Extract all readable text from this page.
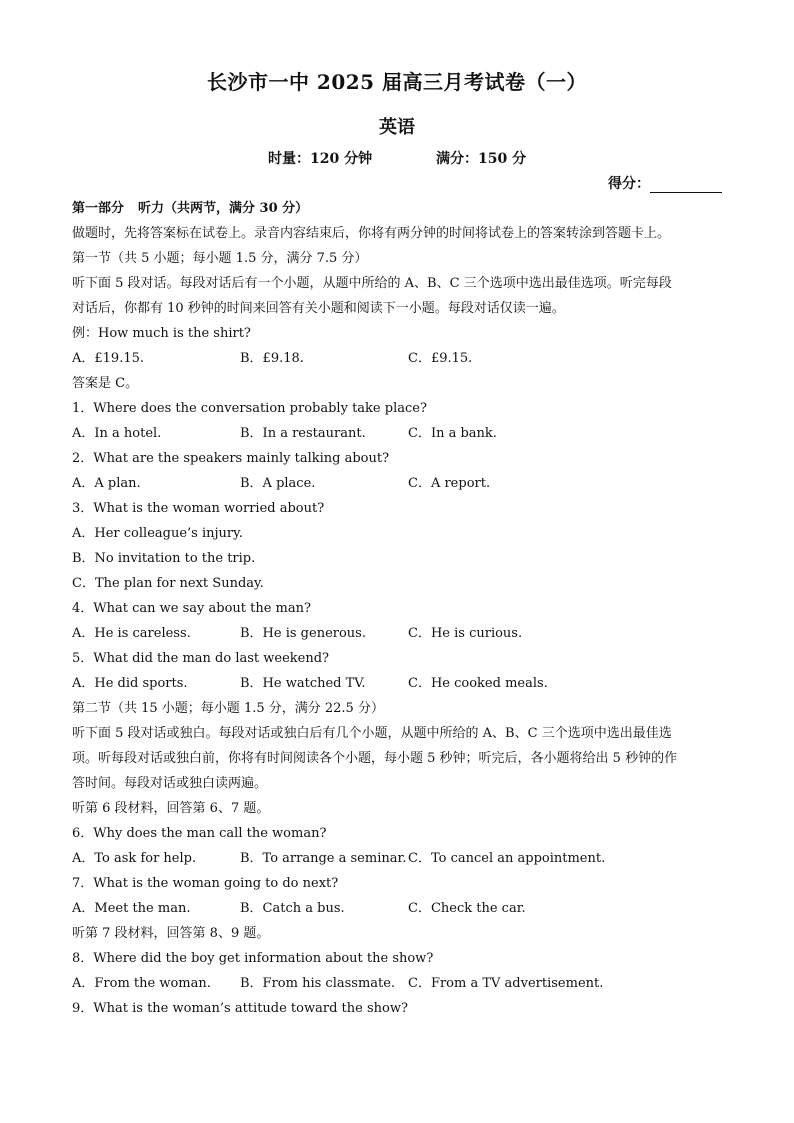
长沙市一中 2025 届高三月考试卷（一）
英语
时量：120 分钟	满分：150 分
得分：
第一部分 听力（共两节，满分 30 分）
做题时，先将答案标在试卷上。录音内容结束后，你将有两分钟的时间将试卷上的答案转涂到答题卡上。
第一节（共 5 小题；每小题 1.5 分，满分 7.5 分）
听下面 5 段对话。每段对话后有一个小题，从题中所给的 A、B、C 三个选项中选出最佳选项。听完每段
对话后，你都有 10 秒钟的时间来回答有关小题和阅读下一小题。每段对话仅读一遍。
例：How much is the shirt?
A．£19.15.	B．£9.18.	C．£9.15.
答案是 C。
1．Where does the conversation probably take place?
A．In a hotel.	B．In a restaurant.	C．In a bank.
2．What are the speakers mainly talking about?
A．A plan.	B．A place.	C．A report.
3．What is the woman worried about?
A．Her colleague’s injury.
B．No invitation to the trip.
C．The plan for next Sunday.
4．What can we say about the man?
A．He is careless.	B．He is generous.	C．He is curious.
5．What did the man do last weekend?
A．He did sports.	B．He watched TV.	C．He cooked meals.
第二节（共 15 小题；每小题 1.5 分，满分 22.5 分）
听下面 5 段对话或独白。每段对话或独白后有几个小题，从题中所给的 A、B、C 三个选项中选出最佳选
项。听每段对话或独白前，你将有时间阅读各个小题，每小题 5 秒钟；听完后，各小题将给出 5 秒钟的作
答时间。每段对话或独白读两遍。
听第 6 段材料，回答第 6、7 题。
6．Why does the man call the woman?
A．To ask for help.	B．To arrange a seminar. C．To cancel an appointment.
7．What is the woman going to do next?
A．Meet the man.	B．Catch a bus.	C．Check the car.
听第 7 段材料，回答第 8、9 题。
8．Where did the boy get information about the show?
A．From the woman. B．From his classmate. C．From a TV advertisement.
9．What is the woman’s attitude toward the show?
